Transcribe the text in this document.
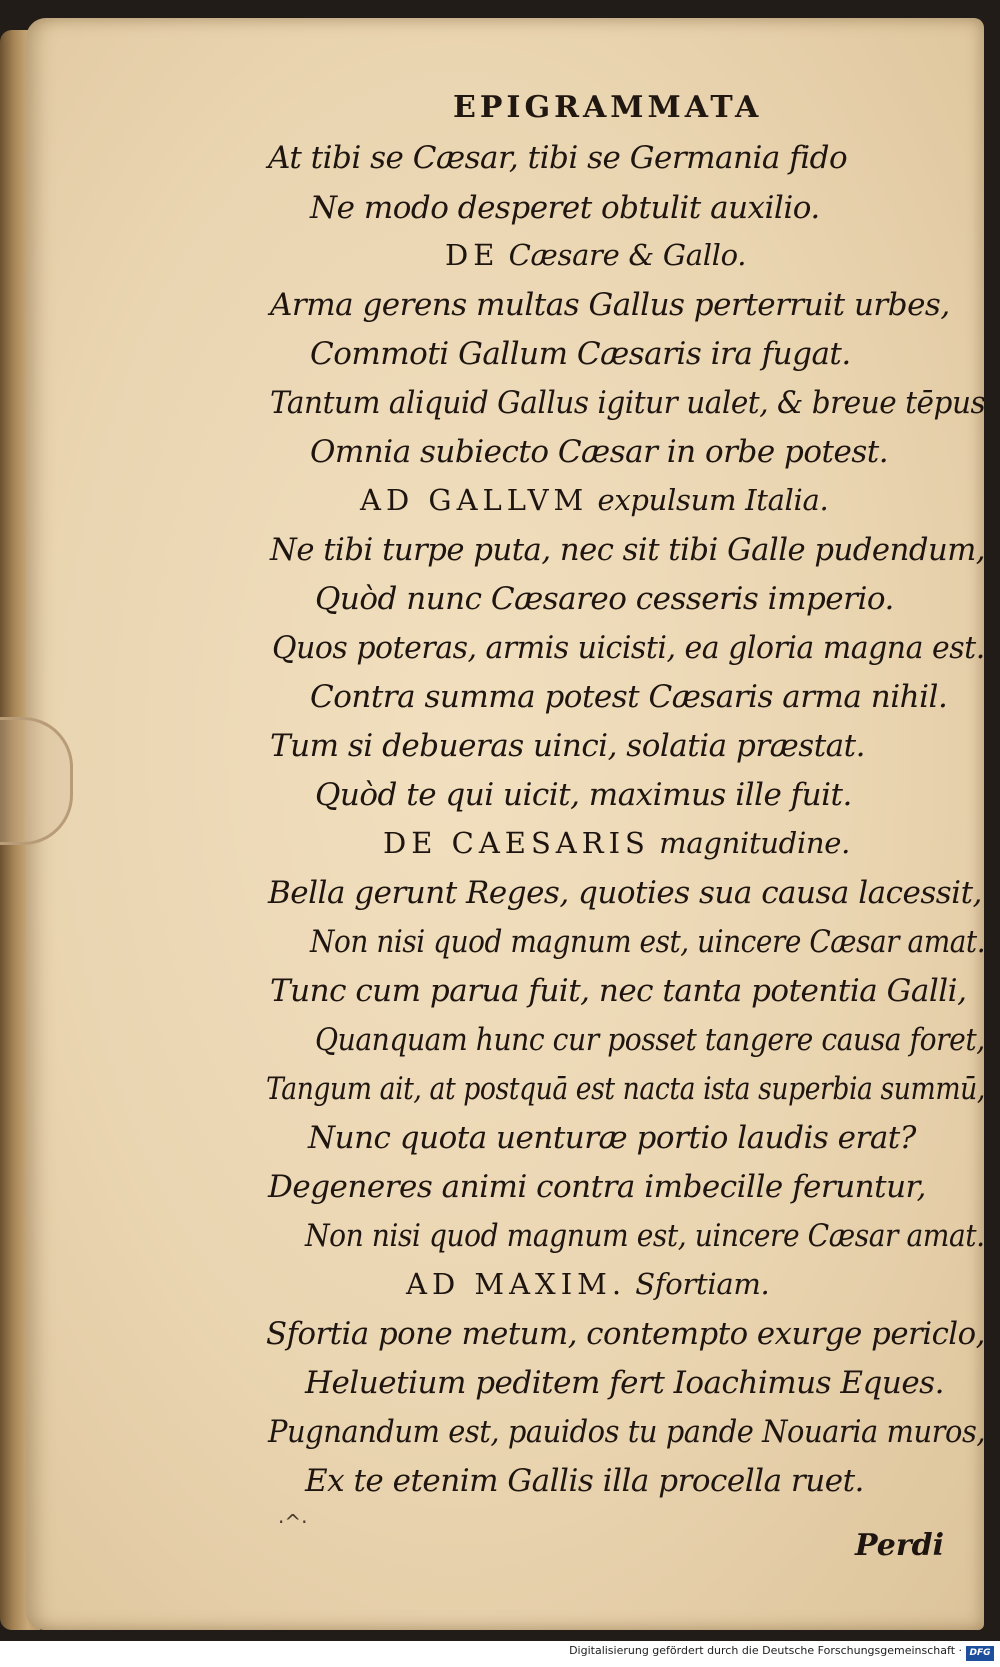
EPIGRAMMATA

At tibi se Cæsar, tibi se Germania fido

Ne modo desperet obtulit auxilio.

DE Cæsare & Gallo.

Arma gerens multas Gallus perterruit urbes,

Commoti Gallum Cæsaris ira fugat.

Tantum aliquid Gallus igitur ualet, & breue tēpus

Omnia subiecto Cæsar in orbe potest.

AD GALLVM expulsum Italia.

Ne tibi turpe puta, nec sit tibi Galle pudendum,

Quòd nunc Cæsareo cesseris imperio.

Quos poteras, armis uicisti, ea gloria magna est.

Contra summa potest Cæsaris arma nihil.

Tum si debueras uinci, solatia præstat.

Quòd te qui uicit, maximus ille fuit.

DE CAESARIS magnitudine.

Bella gerunt Reges, quoties sua causa lacessit,

Non nisi quod magnum est, uincere Cæsar amat.

Tunc cum parua fuit, nec tanta potentia Galli,

Quanquam hunc cur posset tangere causa foret,

Tangum ait, at postquā est nacta ista superbia summū,

Nunc quota uenturæ portio laudis erat?

Degeneres animi contra imbecille feruntur,

Non nisi quod magnum est, uincere Cæsar amat.

AD MAXIM. Sfortiam.

Sfortia pone metum, contempto exurge periclo,

Heluetium peditem fert Ioachimus Eques.

Pugnandum est, pauidos tu pande Nouaria muros,

Ex te etenim Gallis illa procella ruet.

·^·

Perdi

Digitalisierung gefördert durch die Deutsche Forschungsgemeinschaft · DFG
